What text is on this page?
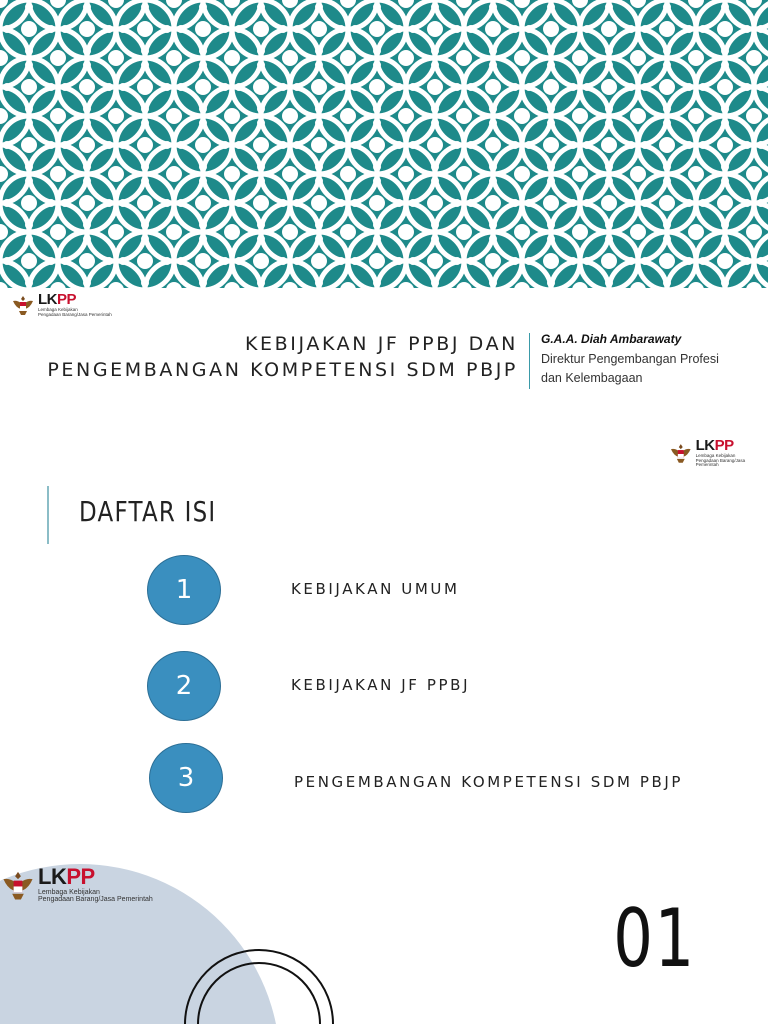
LKPP
Lembaga Kebijakan
Pengadaan Barang/Jasa Pemerintah
KEBIJAKAN JF PPBJ DAN
PENGEMBANGAN KOMPETENSI SDM PBJP
G.A.A. Diah Ambarawaty
Direktur Pengembangan Profesi
dan Kelembagaan
LKPP
Lembaga Kebijakan
Pengadaan Barang/Jasa Pemerintah
DAFTAR ISI
1	KEBIJAKAN UMUM
2	KEBIJAKAN JF PPBJ
3	PENGEMBANGAN KOMPETENSI SDM PBJP
LKPP
Lembaga Kebijakan
Pengadaan Barang/Jasa Pemerintah	01
